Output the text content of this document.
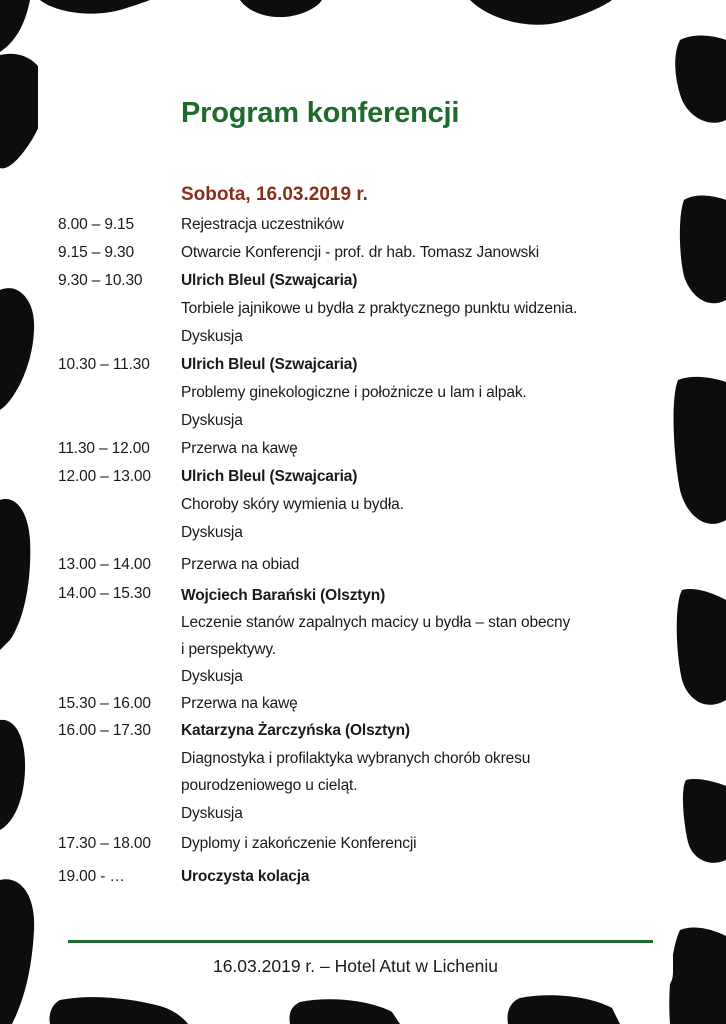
Program konferencji
Sobota, 16.03.2019 r.
8.00 – 9.15	Rejestracja uczestników
9.15 – 9.30	Otwarcie Konferencji - prof. dr hab. Tomasz Janowski
9.30 – 10.30 Ulrich Bleul (Szwajcaria)
Torbiele jajnikowe u bydła z praktycznego punktu widzenia.
Dyskusja
10.30 – 11.30 Ulrich Bleul (Szwajcaria)
Problemy ginekologiczne i położnicze u lam i alpak.
Dyskusja
11.30 – 12.00 Przerwa na kawę
12.00 – 13.00 Ulrich Bleul (Szwajcaria)
Choroby skóry wymienia u bydła.
Dyskusja
13.00 – 14.00 Przerwa na obiad
14.00 – 15.30 Wojciech Barański (Olsztyn)
Leczenie stanów zapalnych macicy u bydła – stan obecny
i perspektywy.
Dyskusja
15.30 – 16.00 Przerwa na kawę
16.00 – 17.30 Katarzyna Żarczyńska (Olsztyn)
Diagnostyka i profilaktyka wybranych chorób okresu
pourodzeniowego u cieląt.
Dyskusja
17.30 – 18.00 Dyplomy i zakończenie Konferencji
19.00 - …	Uroczysta kolacja
16.03.2019 r. – Hotel Atut w Licheniu
